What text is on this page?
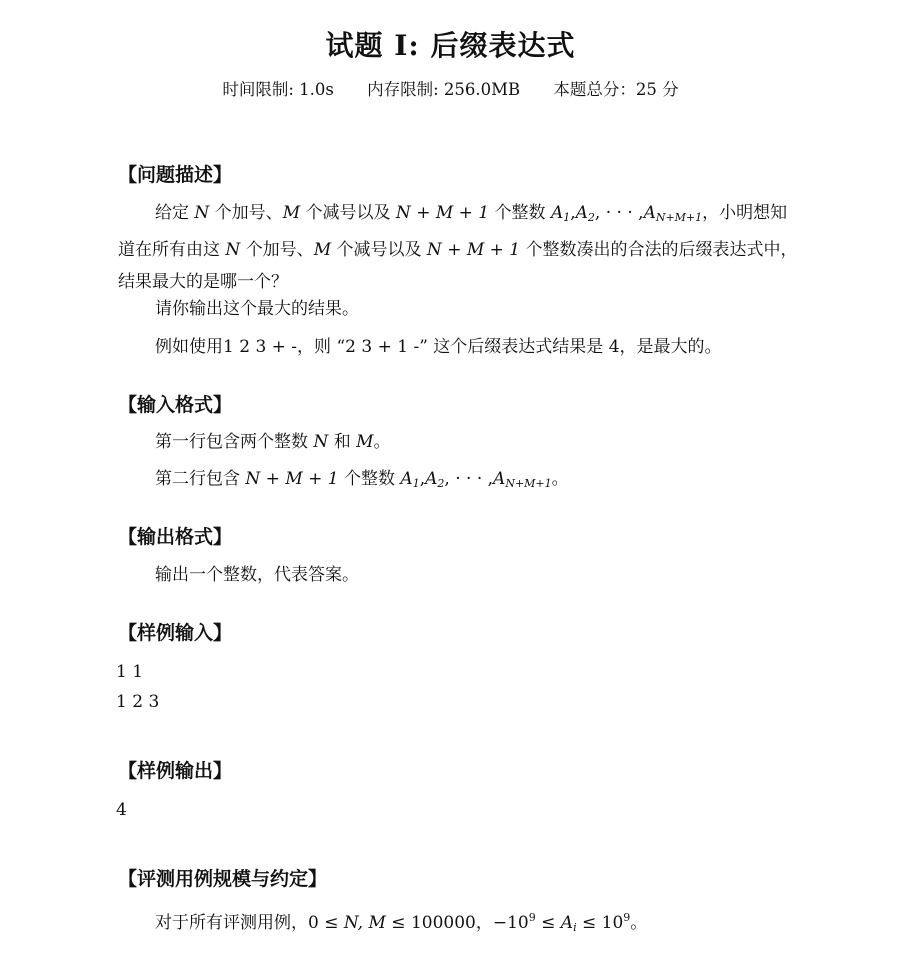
试题 I: 后缀表达式
时间限制: 1.0s 内存限制: 256.0MB 本题总分：25 分
【问题描述】
给定 N 个加号、M 个减号以及 N + M + 1 个整数 $A_1,A_2$, · · · $,A_{N+M+1}$，小明想知道在所有由这 N 个加号、M 个减号以及 N + M + 1 个整数凑出的合法的后缀表达式中，结果最大的是哪一个？
请你输出这个最大的结果。
例如使用1 2 3 + -，则 “2 3 + 1 -” 这个后缀表达式结果是 4，是最大的。
【输入格式】
第一行包含两个整数 N 和 M。
第二行包含 N + M + 1 个整数 $A_1,A_2$, · · · $,A_{N+M+1}$。
【输出格式】
输出一个整数，代表答案。
【样例输入】
1 1
1 2 3
【样例输出】
4
【评测用例规模与约定】
对于所有评测用例，0 ≤ N, M ≤ 100000，$-10^9 \le A_i \le 10^9$。
